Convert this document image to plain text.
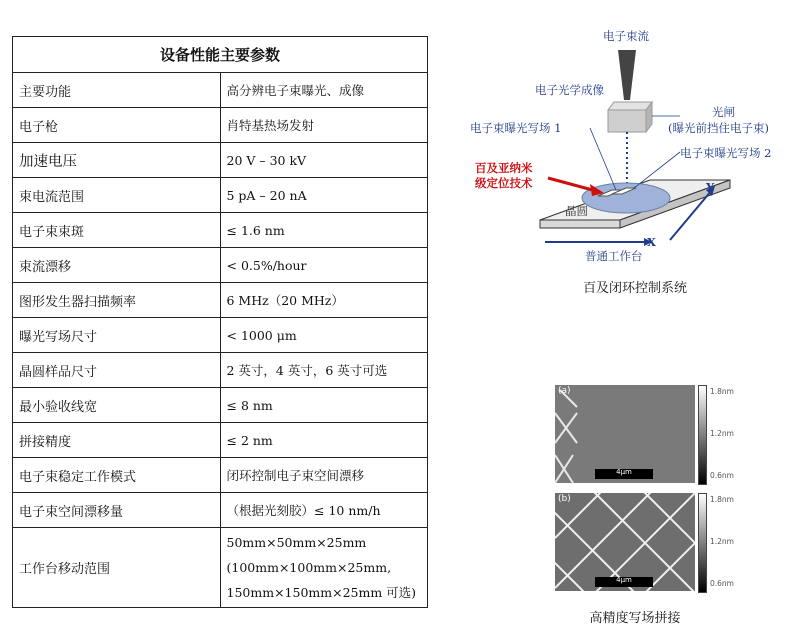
设备性能主要参数	
主要功能	高分辨电子束曝光、成像
电子枪	肖特基热场发射
加速电压	20 V – 30 kV
束电流范围	5 pA – 20 nA
电子束束斑	≤ 1.6 nm
束流漂移	< 0.5%/hour
图形发生器扫描频率	6 MHz（20 MHz）
曝光写场尺寸	< 1000 μm
晶圆样品尺寸	2 英寸，4 英寸，6 英寸可选
最小验收线宽	≤ 8 nm
拼接精度	≤ 2 nm
电子束稳定工作模式	闭环控制电子束空间漂移
电子束空间漂移量	（根据光刻胶）≤ 10 nm/h
工作台移动范围	50mm×50mm×25mm
(100mm×100mm×25mm,
150mm×150mm×25mm 可选)
电子束流
电子光学成像
光闸
(曝光前挡住电子束)
电子束曝光写场 1
电子束曝光写场 2
百及亚纳米
级定位技术
晶圆
Y
X
普通工作台
百及闭环控制系统
(a)
4μm
1.8nm
1.2nm
0.6nm
(b)
4μm
1.8nm
1.2nm
0.6nm
高精度写场拼接
